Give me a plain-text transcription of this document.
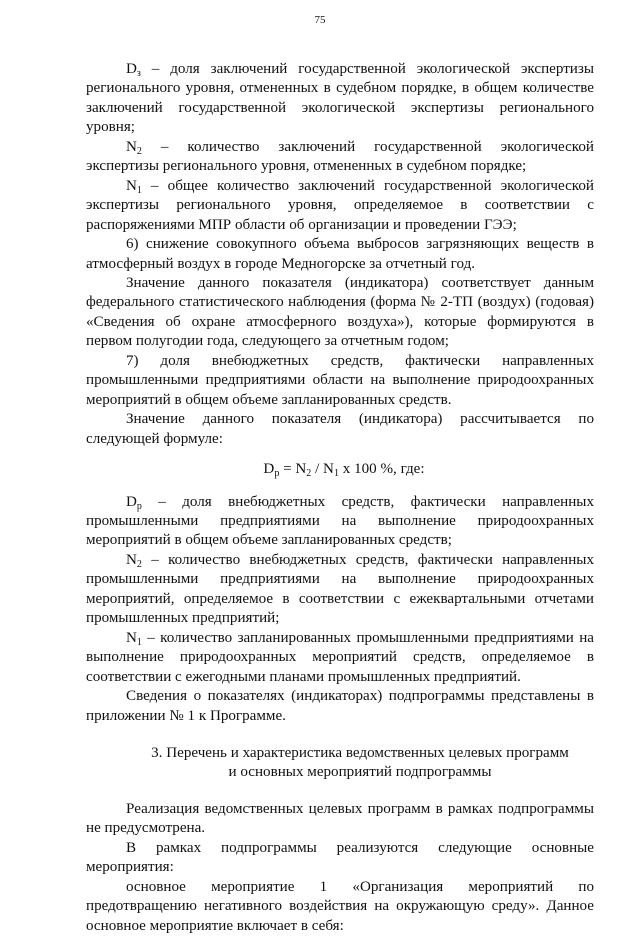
75

$D_з$ – доля заключений государственной экологической экспертизы регионального уровня, отмененных в судебном порядке, в общем количестве заключений государственной экологической экспертизы регионального уровня;

$N_2$ – количество заключений государственной экологической экспертизы регионального уровня, отмененных в судебном порядке;

$N_1$ – общее количество заключений государственной экологической экспертизы регионального уровня, определяемое в соответствии с распоряжениями МПР области об организации и проведении ГЭЭ;

6) снижение совокупного объема выбросов загрязняющих веществ в атмосферный воздух в городе Медногорске за отчетный год.

Значение данного показателя (индикатора) соответствует данным федерального статистического наблюдения (форма № 2-ТП (воздух) (годовая) «Сведения об охране атмосферного воздуха»), которые формируются в первом полугодии года, следующего за отчетным годом;

7) доля внебюджетных средств, фактически направленных промышленными предприятиями области на выполнение природоохранных мероприятий в общем объеме запланированных средств.

Значение данного показателя (индикатора) рассчитывается по следующей формуле:

$D_р = N_2 / N_1$ x 100 %, где:

$D_р$ – доля внебюджетных средств, фактически направленных промышленными предприятиями на выполнение природоохранных мероприятий в общем объеме запланированных средств;

$N_2$ – количество внебюджетных средств, фактически направленных промышленными предприятиями на выполнение природоохранных мероприятий, определяемое в соответствии с ежеквартальными отчетами промышленных предприятий;

$N_1$ – количество запланированных промышленными предприятиями на выполнение природоохранных мероприятий средств, определяемое в соответствии с ежегодными планами промышленных предприятий.

Сведения о показателях (индикаторах) подпрограммы представлены в приложении № 1 к Программе.

3. Перечень и характеристика ведомственных целевых программ
и основных мероприятий подпрограммы

Реализация ведомственных целевых программ в рамках подпрограммы не предусмотрена.

В рамках подпрограммы реализуются следующие основные мероприятия:

основное мероприятие 1 «Организация мероприятий по предотвращению негативного воздействия на окружающую среду». Данное основное мероприятие включает в себя:
